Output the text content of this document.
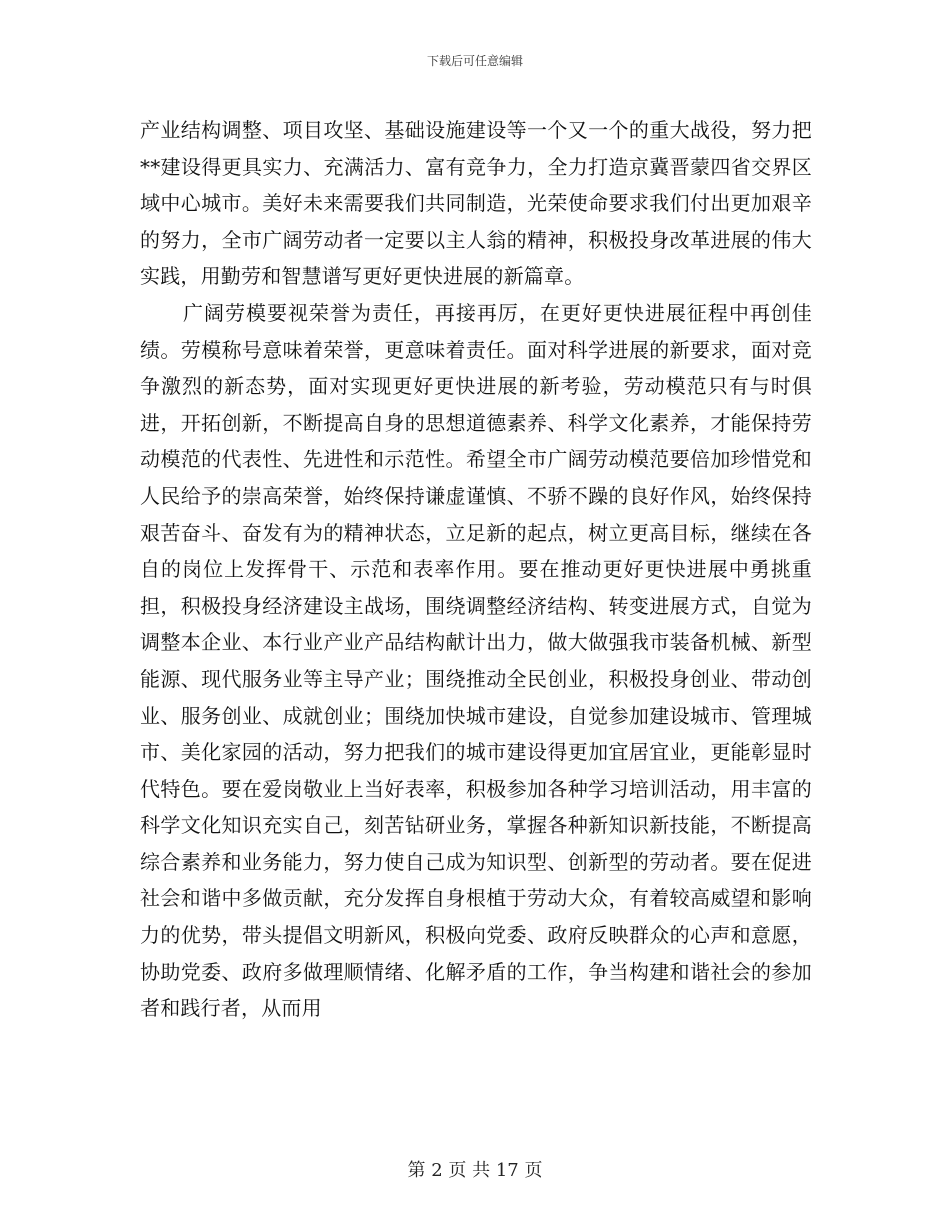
下载后可任意编辑

产业结构调整、项目攻坚、基础设施建设等一个又一个的重大战役，努力把**建设得更具实力、充满活力、富有竞争力，全力打造京冀晋蒙四省交界区域中心城市。美好未来需要我们共同制造，光荣使命要求我们付出更加艰辛的努力，全市广阔劳动者一定要以主人翁的精神，积极投身改革进展的伟大实践，用勤劳和智慧谱写更好更快进展的新篇章。

广阔劳模要视荣誉为责任，再接再厉，在更好更快进展征程中再创佳绩。劳模称号意味着荣誉，更意味着责任。面对科学进展的新要求，面对竞争激烈的新态势，面对实现更好更快进展的新考验，劳动模范只有与时俱进，开拓创新，不断提高自身的思想道德素养、科学文化素养，才能保持劳动模范的代表性、先进性和示范性。希望全市广阔劳动模范要倍加珍惜党和人民给予的崇高荣誉，始终保持谦虚谨慎、不骄不躁的良好作风，始终保持艰苦奋斗、奋发有为的精神状态，立足新的起点，树立更高目标，继续在各自的岗位上发挥骨干、示范和表率作用。要在推动更好更快进展中勇挑重担，积极投身经济建设主战场，围绕调整经济结构、转变进展方式，自觉为调整本企业、本行业产业产品结构献计出力，做大做强我市装备机械、新型能源、现代服务业等主导产业；围绕推动全民创业，积极投身创业、带动创业、服务创业、成就创业；围绕加快城市建设，自觉参加建设城市、管理城市、美化家园的活动，努力把我们的城市建设得更加宜居宜业，更能彰显时代特色。要在爱岗敬业上当好表率，积极参加各种学习培训活动，用丰富的科学文化知识充实自己，刻苦钻研业务，掌握各种新知识新技能，不断提高综合素养和业务能力，努力使自己成为知识型、创新型的劳动者。要在促进社会和谐中多做贡献，充分发挥自身根植于劳动大众，有着较高威望和影响力的优势，带头提倡文明新风，积极向党委、政府反映群众的心声和意愿，协助党委、政府多做理顺情绪、化解矛盾的工作，争当构建和谐社会的参加者和践行者，从而用

第 2 页 共 17 页
